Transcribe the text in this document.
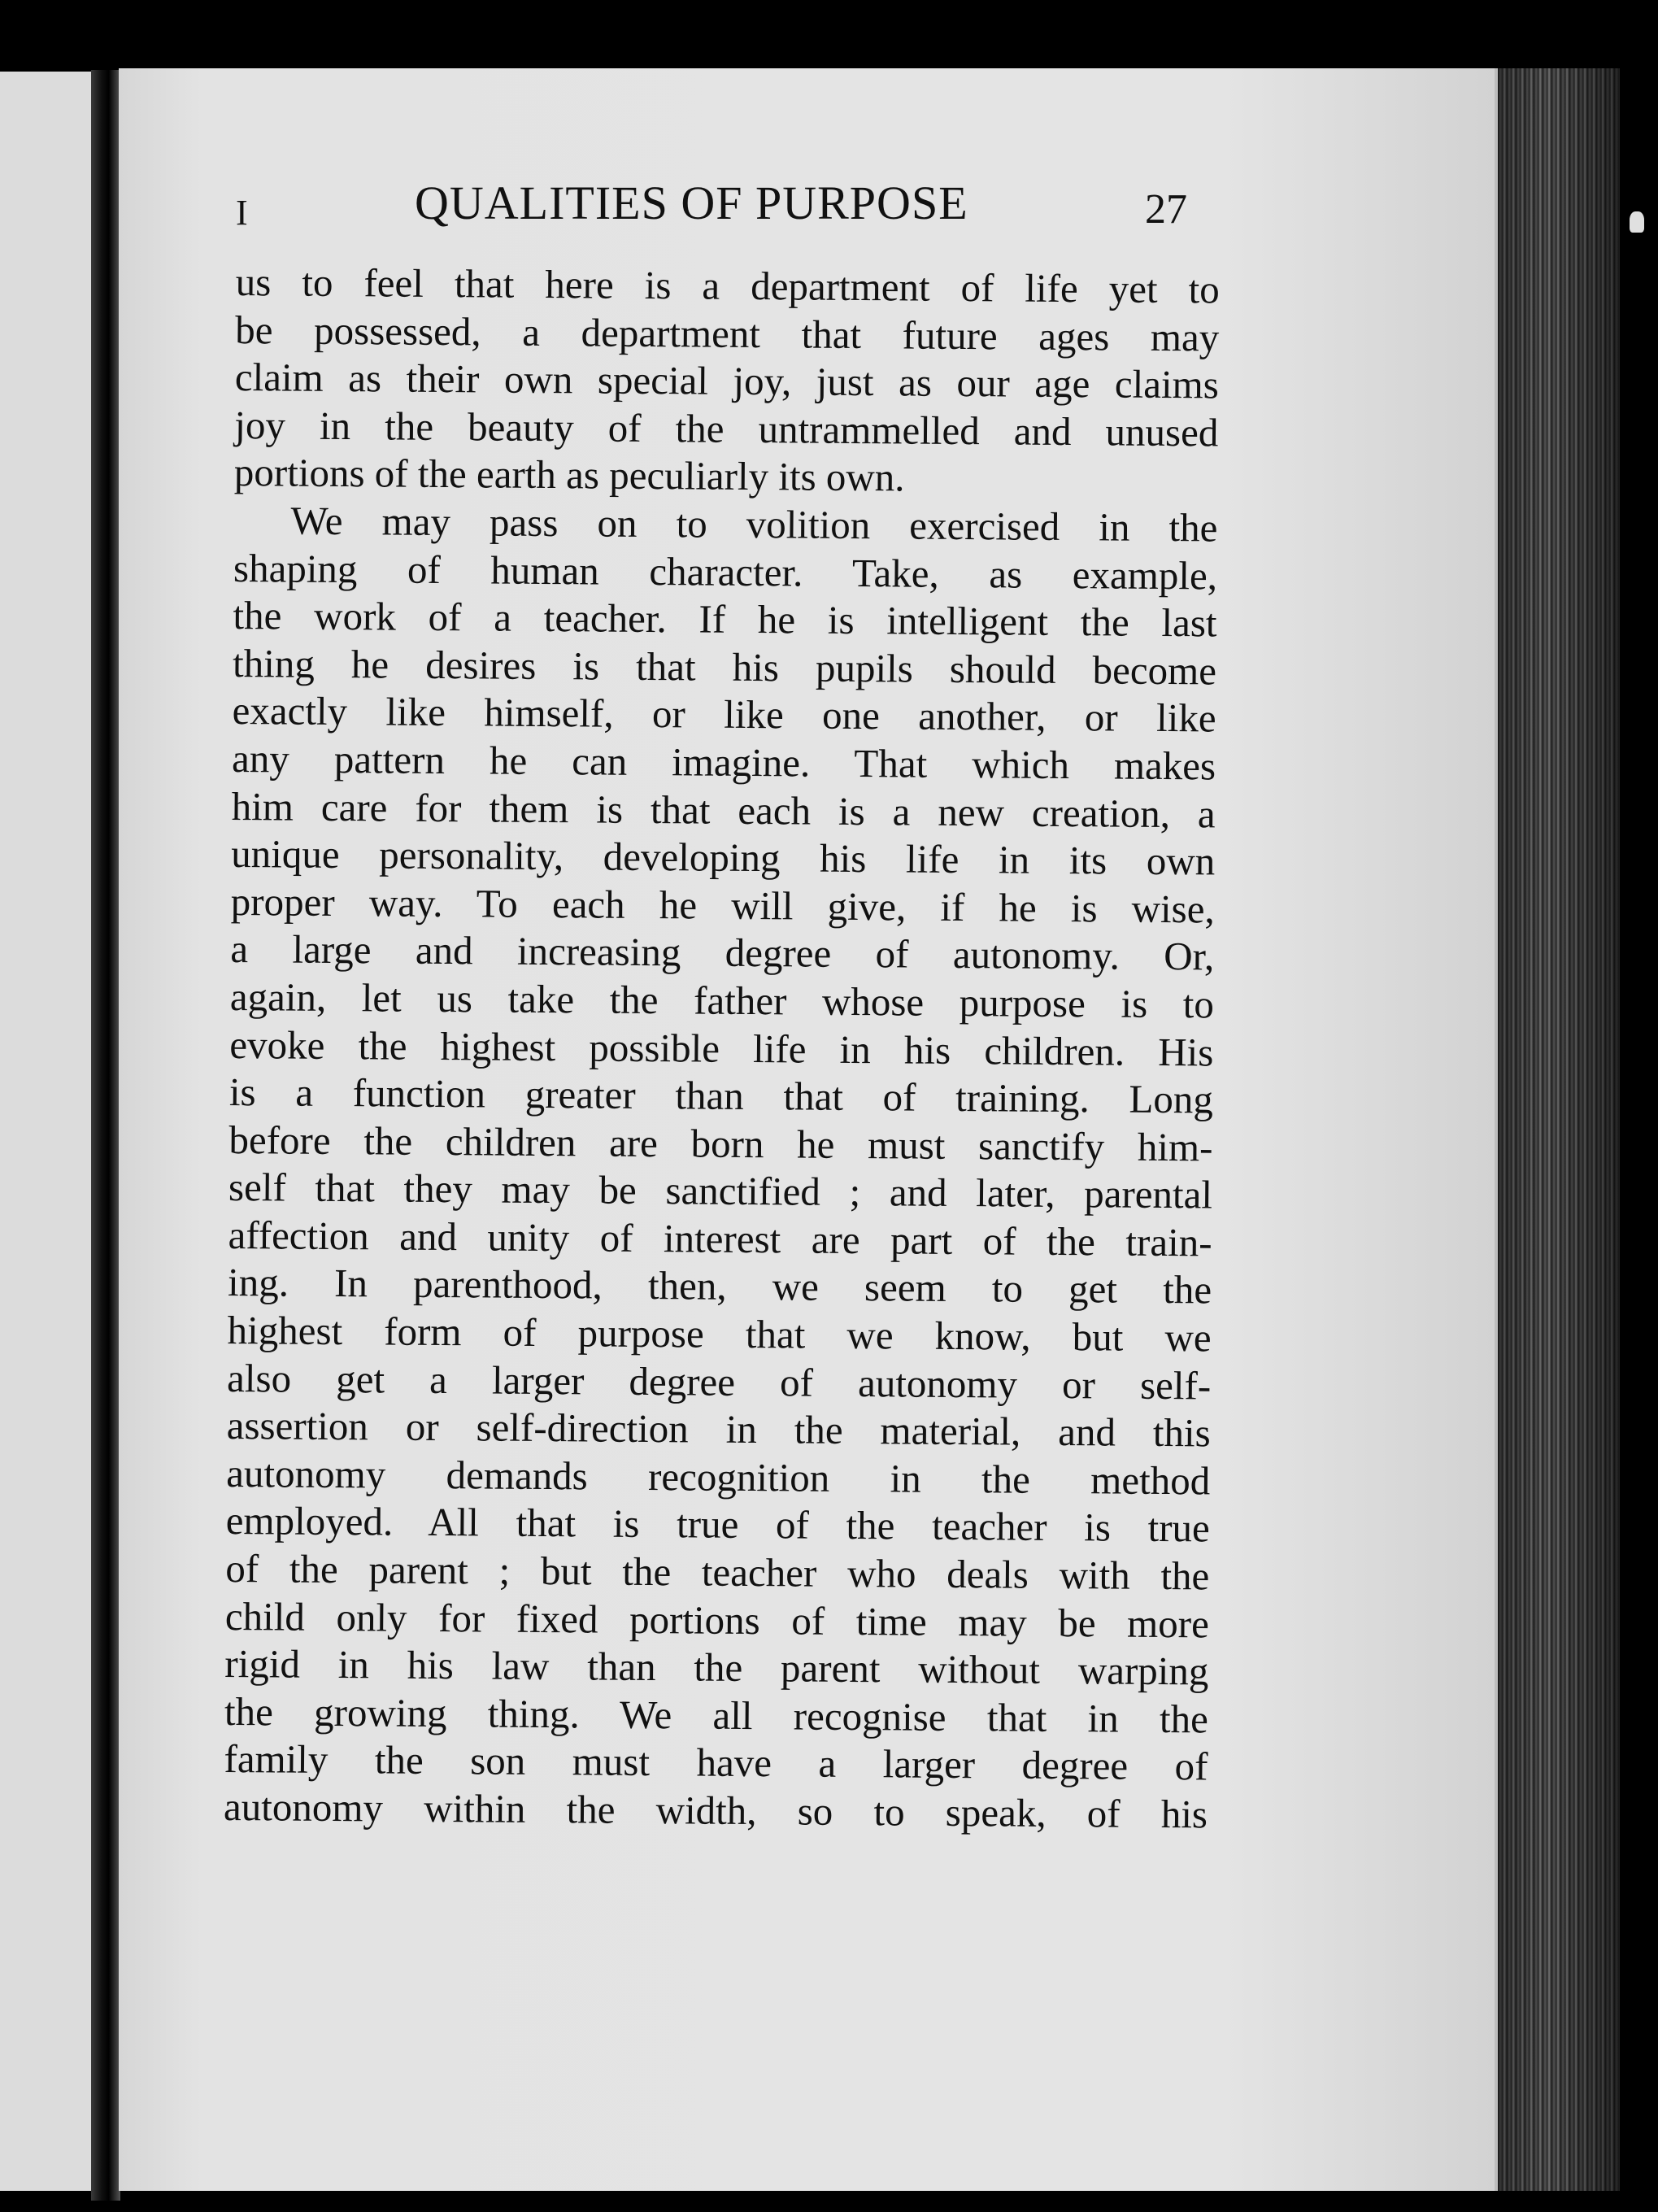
I	QUALITIES OF PURPOSE	27
us to feel that here is a department of life yet to
be possessed, a department that future ages may
claim as their own special joy, just as our age claims
joy in the beauty of the untrammelled and unused
portions of the earth as peculiarly its own.
We may pass on to volition exercised in the
shaping of human character. Take, as example,
the work of a teacher. If he is intelligent the last
thing he desires is that his pupils should become
exactly like himself, or like one another, or like
any pattern he can imagine. That which makes
him care for them is that each is a new creation, a
unique personality, developing his life in its own
proper way. To each he will give, if he is wise,
a large and increasing degree of autonomy. Or,
again, let us take the father whose purpose is to
evoke the highest possible life in his children. His
is a function greater than that of training. Long
before the children are born he must sanctify him-
self that they may be sanctified ; and later, parental
affection and unity of interest are part of the train-
ing. In parenthood, then, we seem to get the
highest form of purpose that we know, but we
also get a larger degree of autonomy or self-
assertion or self-direction in the material, and this
autonomy demands recognition in the method
employed. All that is true of the teacher is true
of the parent ; but the teacher who deals with the
child only for fixed portions of time may be more
rigid in his law than the parent without warping
the growing thing. We all recognise that in the
family the son must have a larger degree of
autonomy within the width, so to speak, of his
